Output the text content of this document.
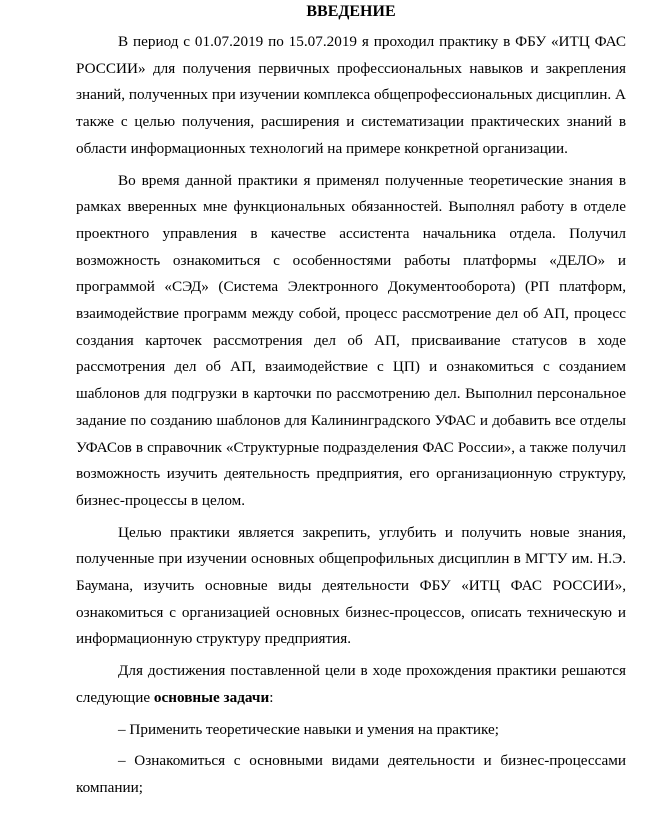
ВВЕДЕНИЕ

В период с 01.07.2019 по 15.07.2019 я проходил практику в ФБУ «ИТЦ ФАС РОССИИ» для получения первичных профессиональных навыков и закрепления знаний, полученных при изучении комплекса общепрофессиональных дисциплин. А также с целью получения, расширения и систематизации практических знаний в области информационных технологий на примере конкретной организации.

Во время данной практики я применял полученные теоретические знания в рамках вверенных мне функциональных обязанностей. Выполнял работу в отделе проектного управления в качестве ассистента начальника отдела. Получил возможность ознакомиться с особенностями работы платформы «ДЕЛО» и программой «СЭД» (Система Электронного Документооборота) (РП платформ, взаимодействие программ между собой, процесс рассмотрение дел об АП, процесс создания карточек рассмотрения дел об АП, присваивание статусов в ходе рассмотрения дел об АП, взаимодействие с ЦП) и ознакомиться с созданием шаблонов для подгрузки в карточки по рассмотрению дел. Выполнил персональное задание по созданию шаблонов для Калининградского УФАС и добавить все отделы УФАСов в справочник «Структурные подразделения ФАС России», а также получил возможность изучить деятельность предприятия, его организационную структуру, бизнес-процессы в целом.

Целью практики является закрепить, углубить и получить новые знания, полученные при изучении основных общепрофильных дисциплин в МГТУ им. Н.Э. Баумана, изучить основные виды деятельности ФБУ «ИТЦ ФАС РОССИИ», ознакомиться с организацией основных бизнес-процессов, описать техническую и информационную структуру предприятия.

Для достижения поставленной цели в ходе прохождения практики решаются следующие основные задачи:

– Применить теоретические навыки и умения на практике;

– Ознакомиться с основными видами деятельности и бизнес-процессами компании;
